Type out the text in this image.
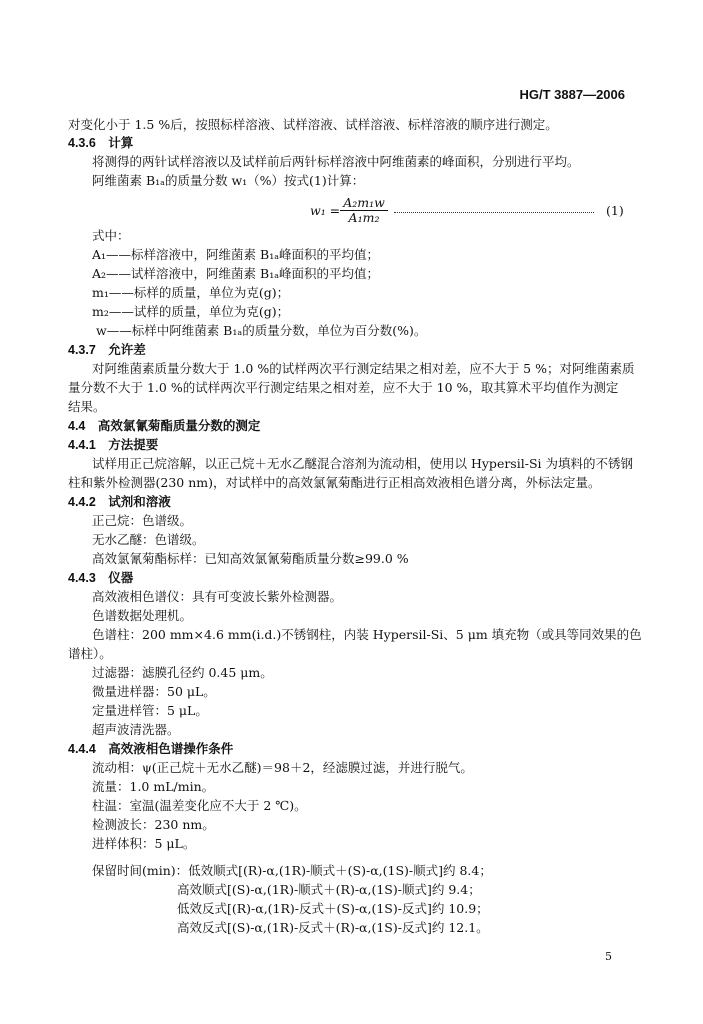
HG/T 3887—2006
对变化小于 1.5 %后，按照标样溶液、试样溶液、试样溶液、标样溶液的顺序进行测定。
4.3.6　计算
将测得的两针试样溶液以及试样前后两针标样溶液中阿维菌素的峰面积，分别进行平均。
阿维菌素 B₁ₐ的质量分数 w₁（%）按式(1)计算：
$w_1 = \frac{\text{A₂m₁w}}{\text{A₁m₂}}$	(1)
式中：
A₁——标样溶液中，阿维菌素 B₁ₐ峰面积的平均值；
A₂——试样溶液中，阿维菌素 B₁ₐ峰面积的平均值；
m₁——标样的质量，单位为克(g)；
m₂——试样的质量，单位为克(g)；
w——标样中阿维菌素 B₁ₐ的质量分数，单位为百分数(%)。
4.3.7　允许差
对阿维菌素质量分数大于 1.0 %的试样两次平行测定结果之相对差，应不大于 5 %；对阿维菌素质
量分数不大于 1.0 %的试样两次平行测定结果之相对差，应不大于 10 %，取其算术平均值作为测定
结果。
4.4　高效氯氰菊酯质量分数的测定
4.4.1　方法提要
试样用正己烷溶解，以正己烷＋无水乙醚混合溶剂为流动相，使用以 Hypersil-Si 为填料的不锈钢
柱和紫外检测器(230 nm)，对试样中的高效氯氰菊酯进行正相高效液相色谱分离，外标法定量。
4.4.2　试剂和溶液
正己烷：色谱级。
无水乙醚：色谱级。
高效氯氰菊酯标样：已知高效氯氰菊酯质量分数≥99.0 %
4.4.3　仪器
高效液相色谱仪：具有可变波长紫外检测器。
色谱数据处理机。
色谱柱：200 mm×4.6 mm(i.d.)不锈钢柱，内装 Hypersil-Si、5 μm 填充物（或具等同效果的色
谱柱）。
过滤器：滤膜孔径约 0.45 μm。
微量进样器：50 μL。
定量进样管：5 μL。
超声波清洗器。
4.4.4　高效液相色谱操作条件
流动相：ψ(正己烷＋无水乙醚)＝98＋2，经滤膜过滤，并进行脱气。
流量：1.0 mL/min。
柱温：室温(温差变化应不大于 2 ℃)。
检测波长：230 nm。
进样体积：5 μL。
保留时间(min)：低效顺式[(R)-α,(1R)-顺式＋(S)-α,(1S)-顺式]约 8.4；
高效顺式[(S)-α,(1R)-顺式＋(R)-α,(1S)-顺式]约 9.4；
低效反式[(R)-α,(1R)-反式＋(S)-α,(1S)-反式]约 10.9；
高效反式[(S)-α,(1R)-反式＋(R)-α,(1S)-反式]约 12.1。
5
